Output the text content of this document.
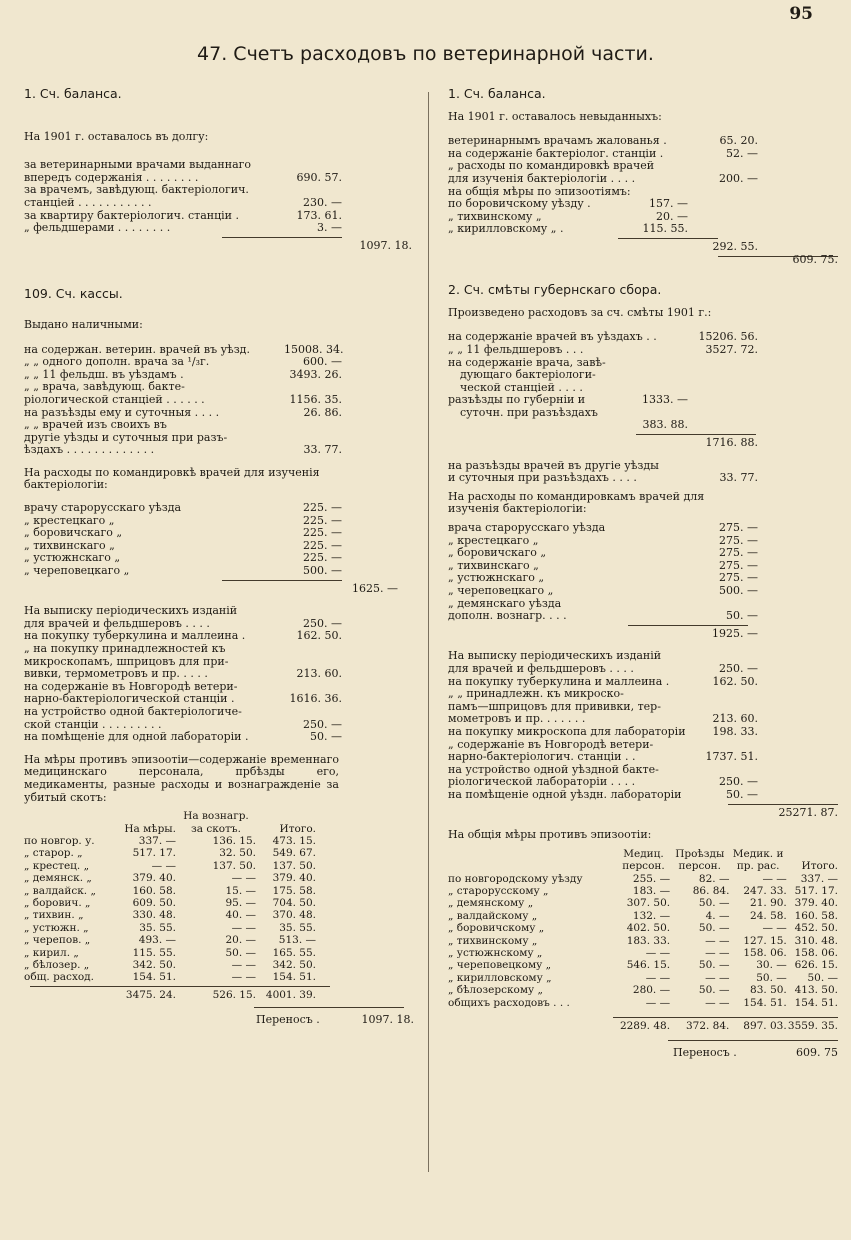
95
47. Счетъ расходовъ по ветеринарной части.
1. Сч. баланса.
На 1901 г. оставалось въ долгу:
за ветеринарными врачами выданнаго
впередъ содержанія . . . . . . . .	690. 57.
за врачемъ, завѣдующ. бактеріологич.
станціей . . . . . . . . . . .	230. —
за квартиру бактеріологич. станціи .	173. 61.
„ фельдшерами . . . . . . . .	3. —
1097. 18.
109. Сч. кассы.
Выдано наличными:
на содержан. ветерин. врачей въ уѣзд.	15008. 34.
„ „ одного дополн. врача за ¹/₃г.	600. —
„ „ 11 фельдш. въ уѣздамъ .	3493. 26.
„ „ врача, завѣдующ. бакте-
ріологической станціей . . . . . .	1156. 35.
на разъѣзды ему и суточныя . . . .	26. 86.
„ „ врачей изъ своихъ въ
другіе уѣзды и суточныя при разъ-
ѣздахъ . . . . . . . . . . . . .	33. 77.
На расходы по командировкѣ врачей для изученія бактеріологіи:
врачу старорусскаго уѣзда	225. —
„ крестецкаго „	225. —
„ боровичскаго „	225. —
„ тихвинскаго „	225. —
„ устюжнскаго „	225. —
„ череповецкаго „	500. —
1625. —
На выписку періодическихъ изданій
для врачей и фельдшеровъ . . . .	250. —
на покупку туберкулина и маллеина .	162. 50.
„ на покупку принадлежностей къ
микроскопамъ, шприцовъ для при-
вивки, термометровъ и пр. . . . .	213. 60.
на содержаніе въ Новгородѣ ветери-
нарно-бактеріологической станціи .	1616. 36.
на устройство одной бактеріологиче-
ской станціи . . . . . . . . .	250. —
на помѣщеніе для одной лабораторіи .	50. —
На мѣры противъ эпизоотіи—содержаніе временнаго медицинскаго персонала, прбѣзды его, медикаменты, разные расходы и вознагражденіе за убитый скотъ:
	На мѣры.	На вознагр. за скотъ.	Итого.	
по новгор. у.	337. —	136. 15.	473. 15.	
„ старор. „	517. 17.	32. 50.	549. 67.	
„ крестец. „	— —	137. 50.	137. 50.	
„ демянск. „	379. 40.	— —	379. 40.	
„ валдайск. „	160. 58.	15. —	175. 58.	
„ борович. „	609. 50.	95. —	704. 50.	
„ тихвин. „	330. 48.	40. —	370. 48.	
„ устюжн. „	35. 55.	— —	35. 55.	
„ черепов. „	493. —	20. —	513. —	
„ кирил. „	115. 55.	50. —	165. 55.	
„ бѣлозер. „	342. 50.	— —	342. 50.	
общ. расход.	154. 51.	— —	154. 51.	
	3475. 24.	526. 15.	4001. 39.	
Переносъ .	1097. 18.
1. Сч. баланса.
На 1901 г. оставалось невыданныхъ:
ветеринарнымъ врачамъ жалованья .	65. 20.
на содержаніе бактеріолог. станціи .	52. —
„ расходы по командировкѣ врачей
для изученія бактеріологіи . . . .	200. —
на общія мѣры по эпизоотіямъ:
по боровичскому уѣзду .	157. —
„ тихвинскому „	20. —
„ кирилловскому „ .	115. 55.
292. 55.
609. 75.
2. Сч. смѣты губернскаго сбора.
Произведено расходовъ за сч. смѣты 1901 г.:
на содержаніе врачей въ уѣздахъ . .	15206. 56.
„ „ 11 фельдшеровъ . . .	3527. 72.
на содержаніе врача, завѣ-
дующаго бактеріологи-
ческой станціей . . . .
разъѣзды по губерніи и
суточн. при разъѣздахъ
1333. —
383. 88.
1716. 88.
на разъѣзды врачей въ другіе уѣзды
и суточныя при разъѣздахъ . . . .	33. 77.
На расходы по командировкамъ врачей для изученія бактеріологіи:
врача старорусскаго уѣзда	275. —
„ крестецкаго „	275. —
„ боровичскаго „	275. —
„ тихвинскаго „	275. —
„ устюжнскаго „	275. —
„ череповецкаго „	500. —
„ демянскаго уѣзда
дополн. вознагр. . . .	50. —
1925. —
На выписку періодическихъ изданій
для врачей и фельдшеровъ . . . .	250. —
на покупку туберкулина и маллеина .	162. 50.
„ „ принадлежн. къ микроско-
памъ—шприцовъ для прививки, тер-
мометровъ и пр. . . . . . .	213. 60.
на покупку микроскопа для лабораторіи	198. 33.
„ содержаніе въ Новгородѣ ветери-
нарно-бактеріологич. станціи . .	1737. 51.
на устройство одной уѣздной бакте-
ріологической лабораторіи . . . .	250. —
на помѣщеніе одной уѣздн. лабораторіи	50. —
25271. 87.
На общія мѣры противъ эпизоотіи:
	Медиц. персон.	Проѣзды персон.	Медик. и пр. рас.	Итого.
по новгородскому уѣзду	255. —	82. —	— —	337. —
„ старорусскому „	183. —	86. 84.	247. 33.	517. 17.
„ демянскому „	307. 50.	50. —	21. 90.	379. 40.
„ валдайскому „	132. —	4. —	24. 58.	160. 58.
„ боровичскому „	402. 50.	50. —	— —	452. 50.
„ тихвинскому „	183. 33.	— —	127. 15.	310. 48.
„ устюжнскому „	— —	— —	158. 06.	158. 06.
„ череповецкому „	546. 15.	50. —	30. —	626. 15.
„ кирилловскому „	— —	— —	50. —	50. —
„ бѣлозерскому „	280. —	50. —	83. 50.	413. 50.
общихъ расходовъ . . .	— —	— —	154. 51.	154. 51.
	2289. 48.	372. 84.	897. 03.	3559. 35.
Переносъ .	609. 75
